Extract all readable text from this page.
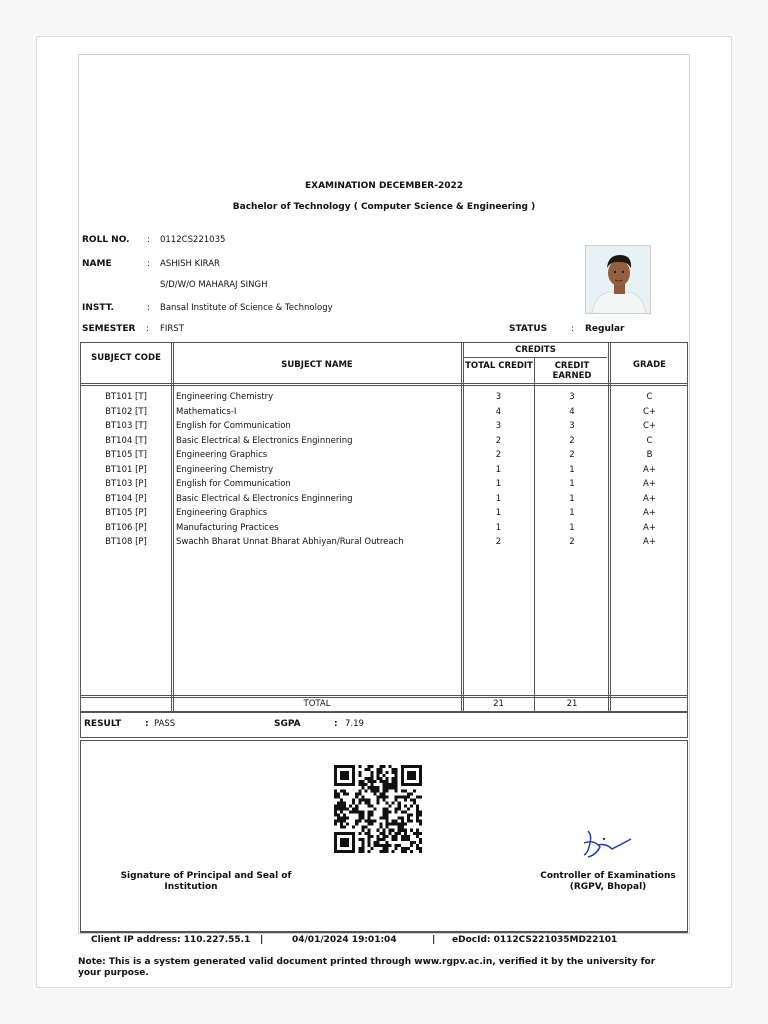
EXAMINATION DECEMBER-2022
Bachelor of Technology ( Computer Science & Engineering )
ROLL NO. : 0112CS221035
NAME	: ASHISH KIRAR
S/D/W/O MAHARAJ SINGH
INSTT.	: Bansal Institute of Science & Technology
SEMESTER : FIRST	STATUS	: Regular
SUBJECT CODE
SUBJECT NAME
CREDITS
TOTAL CREDIT	CREDIT EARNED
GRADE
BT101 [T]	Engineering Chemistry	3	3	C
BT102 [T]	Mathematics-I	4	4	C+
BT103 [T]	English for Communication	3	3	C+
BT104 [T]	Basic Electrical & Electronics Enginnering	2	2	C
BT105 [T]	Engineering Graphics	2	2	B
BT101 [P]	Engineering Chemistry	1	1	A+
BT103 [P]	English for Communication	1	1	A+
BT104 [P]	Basic Electrical & Electronics Enginnering	1	1	A+
BT105 [P]	Engineering Graphics	1	1	A+
BT106 [P]	Manufacturing Practices	1	1	A+
BT108 [P]	Swachh Bharat Unnat Bharat Abhiyan/Rural Outreach	2	2	A+
TOTAL	21	21
RESULT	: PASS	SGPA	: 7.19
Signature of Principal and Seal of
Institution
Controller of Examinations
(RGPV, Bhopal)
Client IP address: 110.227.55.1 |	04/01/2024 19:01:04	| eDocId: 0112CS221035MD22101
Note: This is a system generated valid document printed through www.rgpv.ac.in, verified it by the university for your purpose.
